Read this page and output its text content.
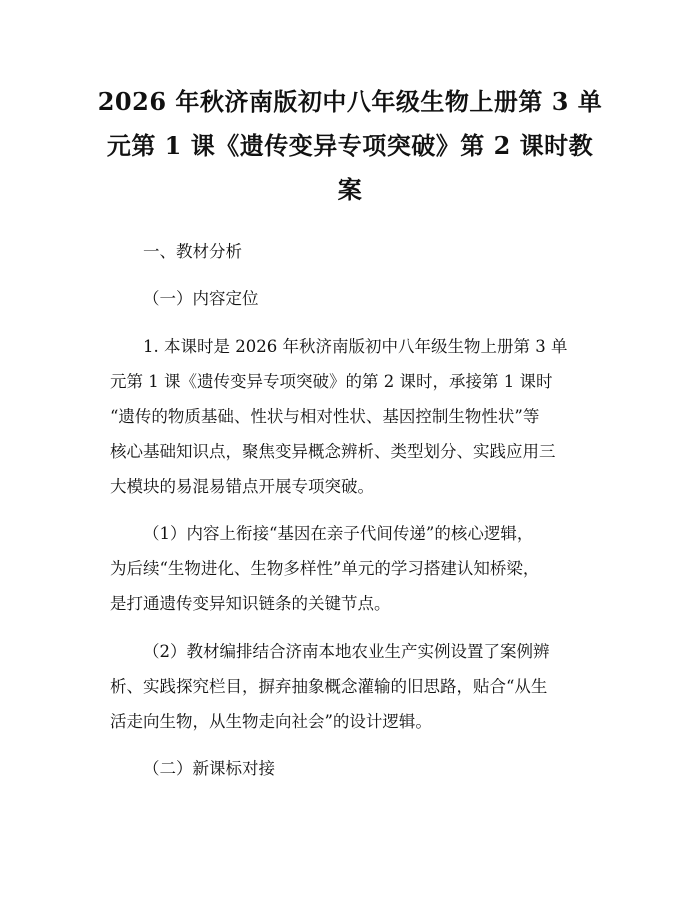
2026 年秋济南版初中八年级生物上册第 3 单
元第 1 课《遗传变异专项突破》第 2 课时教
案
一、教材分析
（一）内容定位
1. 本课时是 2026 年秋济南版初中八年级生物上册第 3 单
元第 1 课《遗传变异专项突破》的第 2 课时，承接第 1 课时
“遗传的物质基础、性状与相对性状、基因控制生物性状”等
核心基础知识点，聚焦变异概念辨析、类型划分、实践应用三
大模块的易混易错点开展专项突破。
（1）内容上衔接“基因在亲子代间传递”的核心逻辑，
为后续“生物进化、生物多样性”单元的学习搭建认知桥梁，
是打通遗传变异知识链条的关键节点。
（2）教材编排结合济南本地农业生产实例设置了案例辨
析、实践探究栏目，摒弃抽象概念灌输的旧思路，贴合“从生
活走向生物，从生物走向社会”的设计逻辑。
（二）新课标对接
